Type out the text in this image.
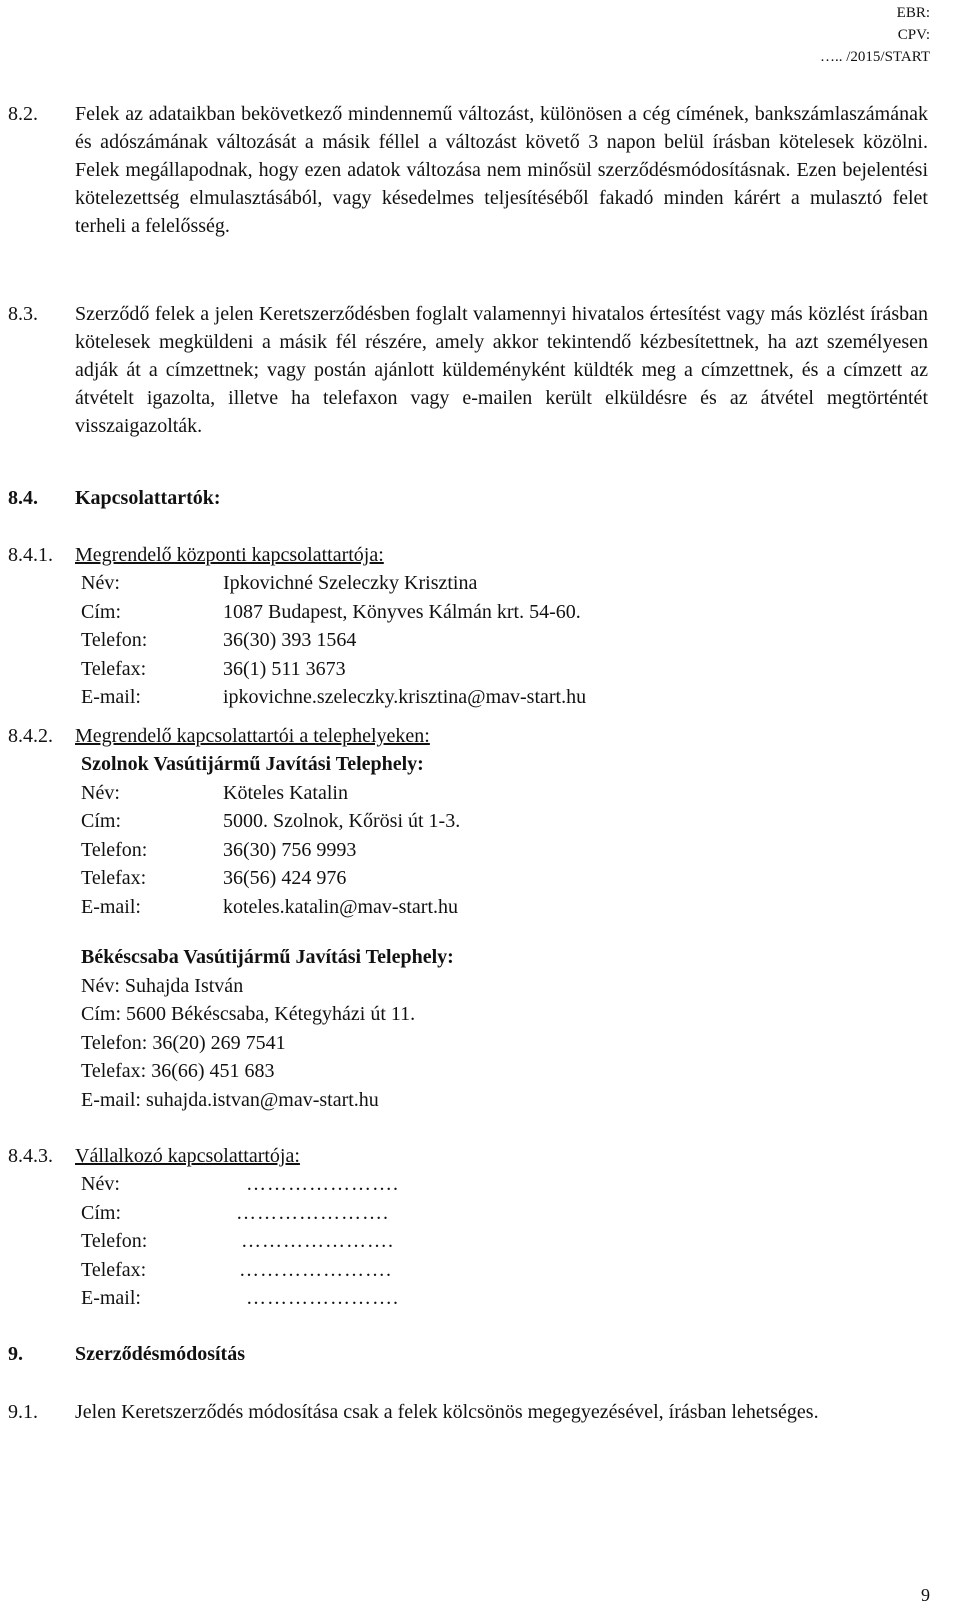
EBR:
CPV:
….. /2015/START
8.2. Felek az adataikban bekövetkező mindennemű változást, különösen a cég címének, bankszámlaszámának és adószámának változását a másik féllel a változást követő 3 napon belül írásban kötelesek közölni. Felek megállapodnak, hogy ezen adatok változása nem minősül szerződésmódosításnak. Ezen bejelentési kötelezettség elmulasztásából, vagy késedelmes teljesítéséből fakadó minden kárért a mulasztó felet terheli a felelősség.
8.3. Szerződő felek a jelen Keretszerződésben foglalt valamennyi hivatalos értesítést vagy más közlést írásban kötelesek megküldeni a másik fél részére, amely akkor tekintendő kézbesítettnek, ha azt személyesen adják át a címzettnek; vagy postán ajánlott küldeményként küldték meg a címzettnek, és a címzett az átvételt igazolta, illetve ha telefaxon vagy e-mailen került elküldésre és az átvétel megtörténtét visszaigazolták.
8.4. Kapcsolattartók:
8.4.1. Megrendelő központi kapcsolattartója:
Név:	Ipkovichné Szeleczky Krisztina
Cím:	1087 Budapest, Könyves Kálmán krt. 54-60.
Telefon:	36(30) 393 1564
Telefax:	36(1) 511 3673
E-mail:	ipkovichne.szeleczky.krisztina@mav-start.hu
8.4.2. Megrendelő kapcsolattartói a telephelyeken:
Szolnok Vasútijármű Javítási Telephely:
Név:	Köteles Katalin
Cím:	5000. Szolnok, Kőrösi út 1-3.
Telefon:	36(30) 756 9993
Telefax:	36(56) 424 976
E-mail:	koteles.katalin@mav-start.hu
Békéscsaba Vasútijármű Javítási Telephely:
Név: Suhajda István
Cím: 5600 Békéscsaba, Kétegyházi út 11.
Telefon: 36(20) 269 7541
Telefax: 36(66) 451 683
E-mail: suhajda.istvan@mav-start.hu
8.4.3. Vállalkozó kapcsolattartója:
Név:	………………….
Cím:	………………….
Telefon:	………………….
Telefax:	………………….
E-mail:	………………….
9.	Szerződésmódosítás
9.1. Jelen Keretszerződés módosítása csak a felek kölcsönös megegyezésével, írásban lehetséges.
9
